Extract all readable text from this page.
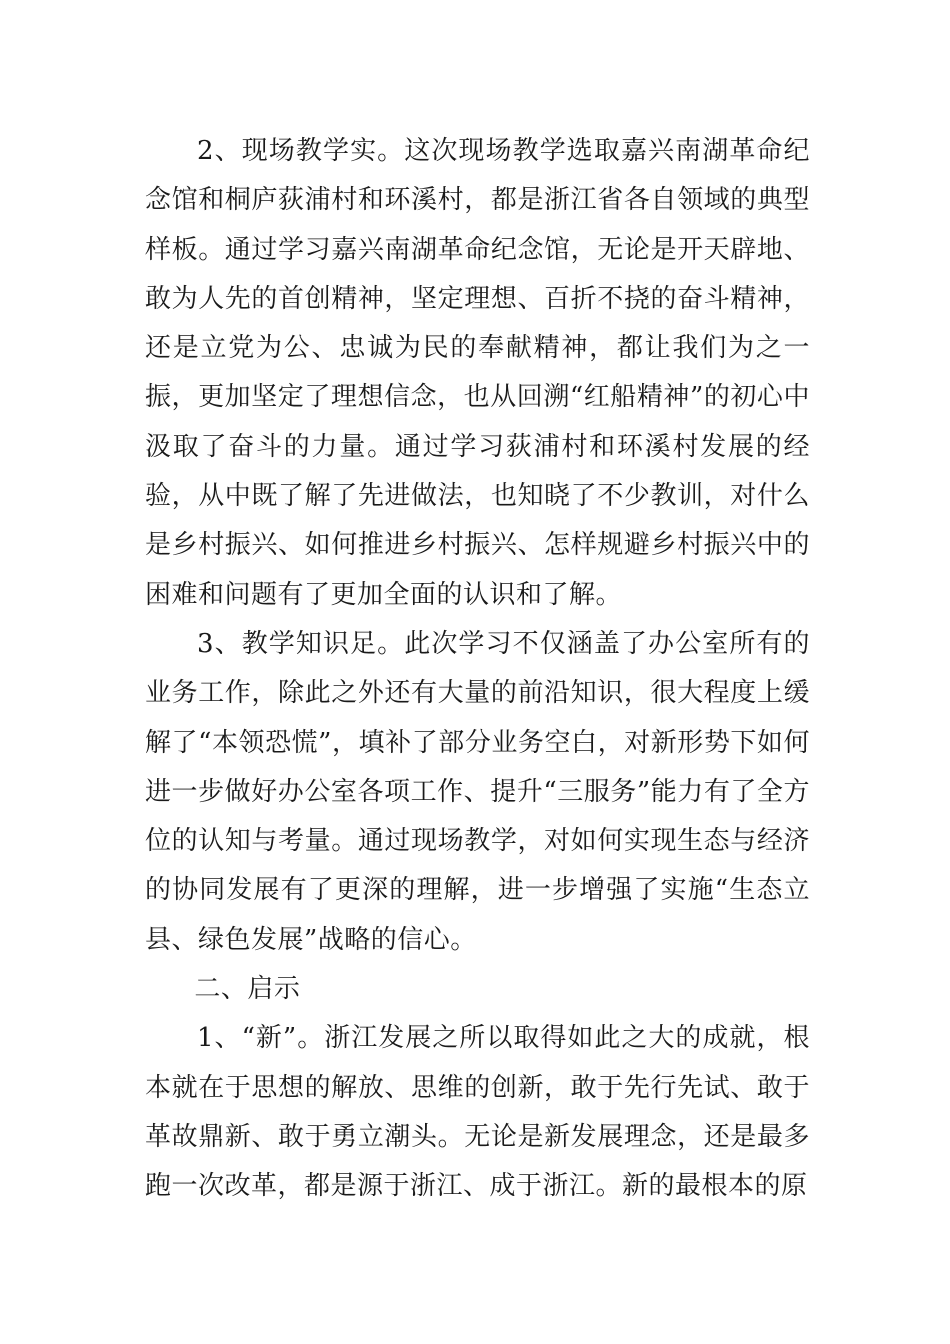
2、现场教学实。这次现场教学选取嘉兴南湖革命纪念馆和桐庐荻浦村和环溪村，都是浙江省各自领域的典型样板。通过学习嘉兴南湖革命纪念馆，无论是开天辟地、敢为人先的首创精神，坚定理想、百折不挠的奋斗精神，还是立党为公、忠诚为民的奉献精神，都让我们为之一振，更加坚定了理想信念，也从回溯“红船精神”的初心中汲取了奋斗的力量。通过学习荻浦村和环溪村发展的经验，从中既了解了先进做法，也知晓了不少教训，对什么是乡村振兴、如何推进乡村振兴、怎样规避乡村振兴中的困难和问题有了更加全面的认识和了解。

3、教学知识足。此次学习不仅涵盖了办公室所有的业务工作，除此之外还有大量的前沿知识，很大程度上缓解了“本领恐慌”，填补了部分业务空白，对新形势下如何进一步做好办公室各项工作、提升“三服务”能力有了全方位的认知与考量。通过现场教学，对如何实现生态与经济的协同发展有了更深的理解，进一步增强了实施“生态立县、绿色发展”战略的信心。

二、启示

1、“新”。浙江发展之所以取得如此之大的成就，根本就在于思想的解放、思维的创新，敢于先行先试、敢于革故鼎新、敢于勇立潮头。无论是新发展理念，还是最多跑一次改革，都是源于浙江、成于浙江。新的最根本的原
